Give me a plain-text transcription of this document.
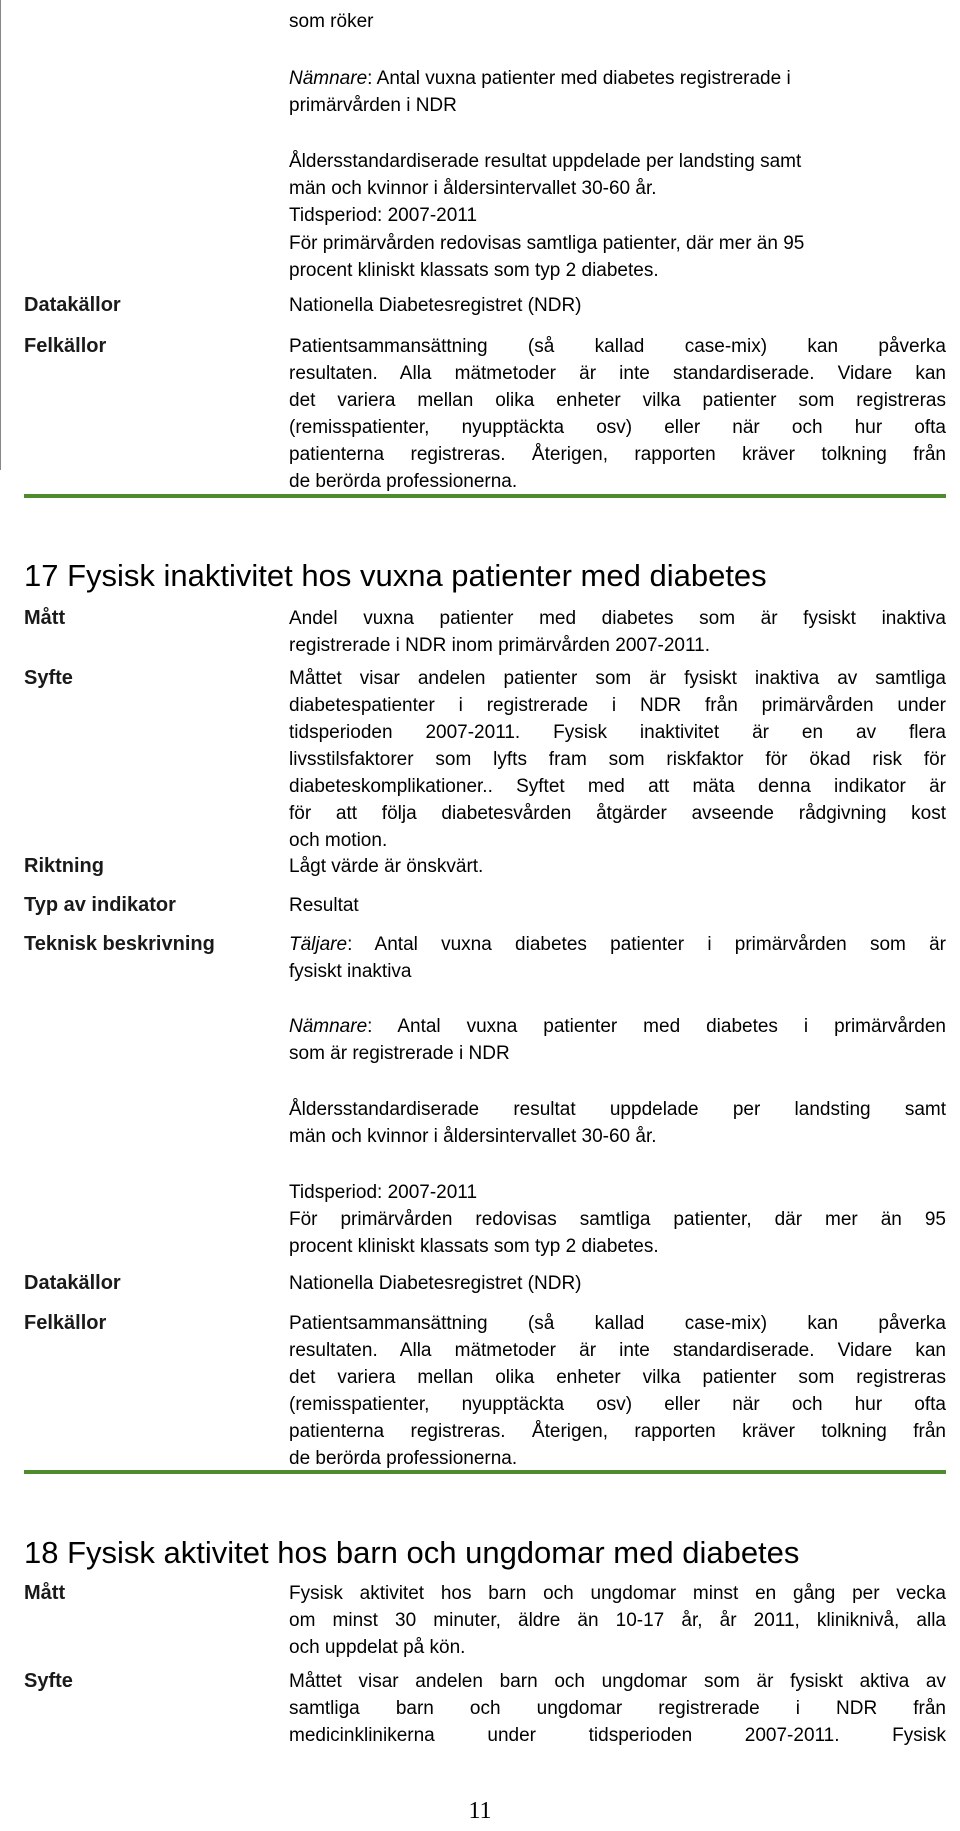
som röker
Nämnare: Antal vuxna patienter med diabetes registrerade i
primärvården i NDR
Åldersstandardiserade resultat uppdelade per landsting samt
män och kvinnor i åldersintervallet 30-60 år.
Tidsperiod: 2007-2011
För primärvården redovisas samtliga patienter, där mer än 95
procent kliniskt klassats som typ 2 diabetes.
Datakällor	Nationella Diabetesregistret (NDR)
Felkällor	Patientsammansättning (så kallad case-mix) kan påverka
resultaten. Alla mätmetoder är inte standardiserade. Vidare kan
det variera mellan olika enheter vilka patienter som registreras
(remisspatienter, nyupptäckta osv) eller när och hur ofta
patienterna registreras. Återigen, rapporten kräver tolkning från
de berörda professionerna.
17 Fysisk inaktivitet hos vuxna patienter med diabetes
Mått	Andel vuxna patienter med diabetes som är fysiskt inaktiva
registrerade i NDR inom primärvården 2007-2011.
Syfte	Måttet visar andelen patienter som är fysiskt inaktiva av samtliga
diabetespatienter i registrerade i NDR från primärvården under
tidsperioden 2007-2011. Fysisk inaktivitet är en av flera
livsstilsfaktorer som lyfts fram som riskfaktor för ökad risk för
diabeteskomplikationer.. Syftet med att mäta denna indikator är
för att följa diabetesvården åtgärder avseende rådgivning kost
och motion.
Riktning	Lågt värde är önskvärt.
Typ av indikator	Resultat
Teknisk beskrivning	Täljare: Antal vuxna diabetes patienter i primärvården som är
fysiskt inaktiva
Nämnare: Antal vuxna patienter med diabetes i primärvården
som är registrerade i NDR
Åldersstandardiserade resultat uppdelade per landsting samt
män och kvinnor i åldersintervallet 30-60 år.
Tidsperiod: 2007-2011
För primärvården redovisas samtliga patienter, där mer än 95
procent kliniskt klassats som typ 2 diabetes.
Datakällor	Nationella Diabetesregistret (NDR)
Felkällor	Patientsammansättning (så kallad case-mix) kan påverka
resultaten. Alla mätmetoder är inte standardiserade. Vidare kan
det variera mellan olika enheter vilka patienter som registreras
(remisspatienter, nyupptäckta osv) eller när och hur ofta
patienterna registreras. Återigen, rapporten kräver tolkning från
de berörda professionerna.
18 Fysisk aktivitet hos barn och ungdomar med diabetes
Mått	Fysisk aktivitet hos barn och ungdomar minst en gång per vecka
om minst 30 minuter, äldre än 10-17 år, år 2011, kliniknivå, alla
och uppdelat på kön.
Syfte	Måttet visar andelen barn och ungdomar som är fysiskt aktiva av
samtliga barn och ungdomar registrerade i NDR från
medicinklinikerna under tidsperioden 2007-2011. Fysisk
11
